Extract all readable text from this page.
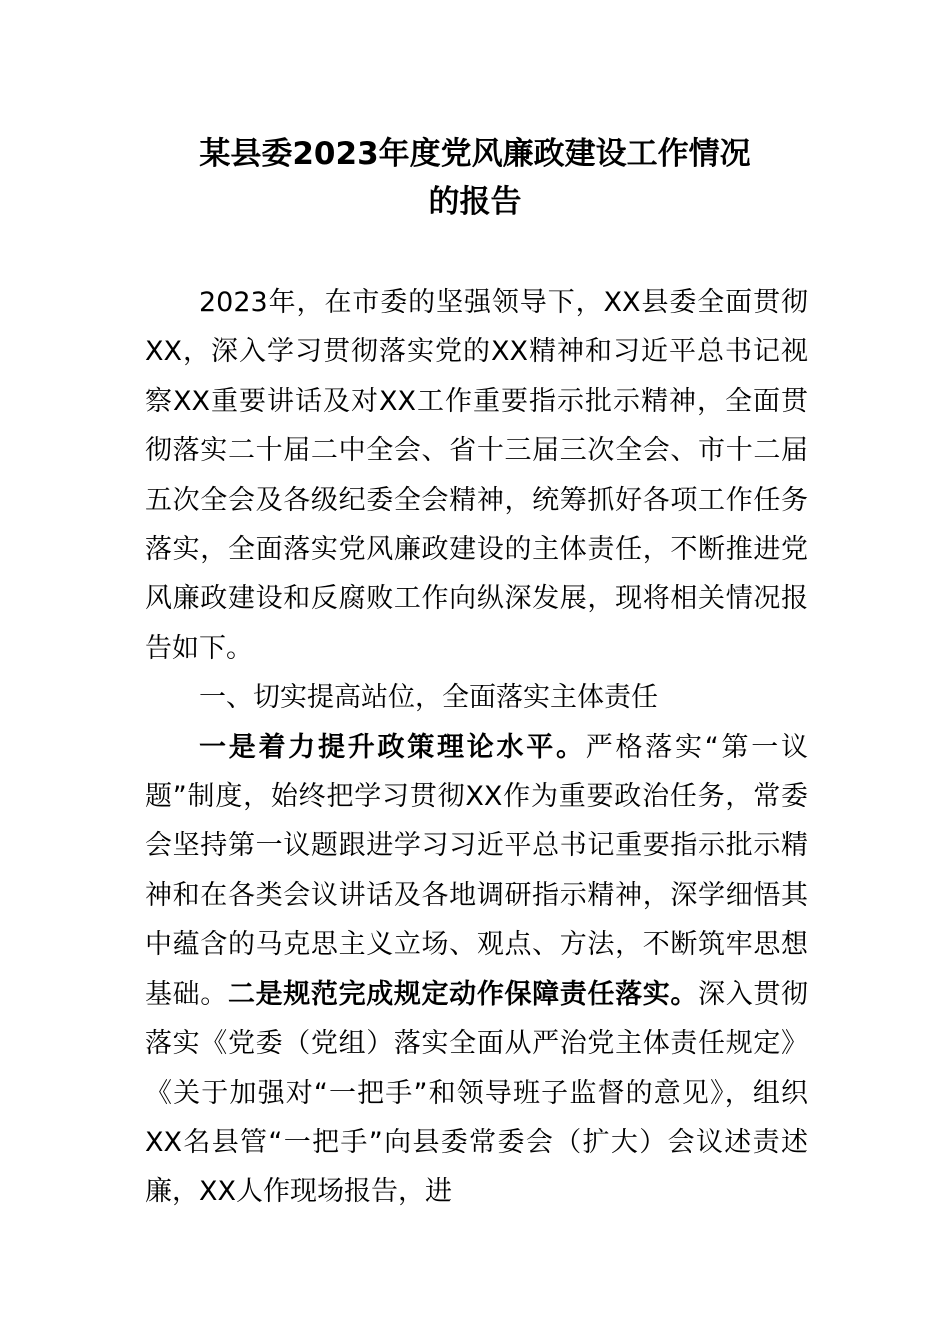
某县委2023年度党风廉政建设工作情况
的报告

2023年，在市委的坚强领导下，XX县委全面贯彻XX，深入学习贯彻落实党的XX精神和习近平总书记视察XX重要讲话及对XX工作重要指示批示精神，全面贯彻落实二十届二中全会、省十三届三次全会、市十二届五次全会及各级纪委全会精神，统筹抓好各项工作任务落实，全面落实党风廉政建设的主体责任，不断推进党风廉政建设和反腐败工作向纵深发展，现将相关情况报告如下。

一、切实提高站位，全面落实主体责任

一是着力提升政策理论水平。严格落实“第一议题”制度，始终把学习贯彻XX作为重要政治任务，常委会坚持第一议题跟进学习习近平总书记重要指示批示精神和在各类会议讲话及各地调研指示精神，深学细悟其中蕴含的马克思主义立场、观点、方法，不断筑牢思想基础。二是规范完成规定动作保障责任落实。深入贯彻落实《党委（党组）落实全面从严治党主体责任规定》《关于加强对“一把手”和领导班子监督的意见》，组织XX名县管“一把手”向县委常委会（扩大）会议述责述廉，XX人作现场报告，进
